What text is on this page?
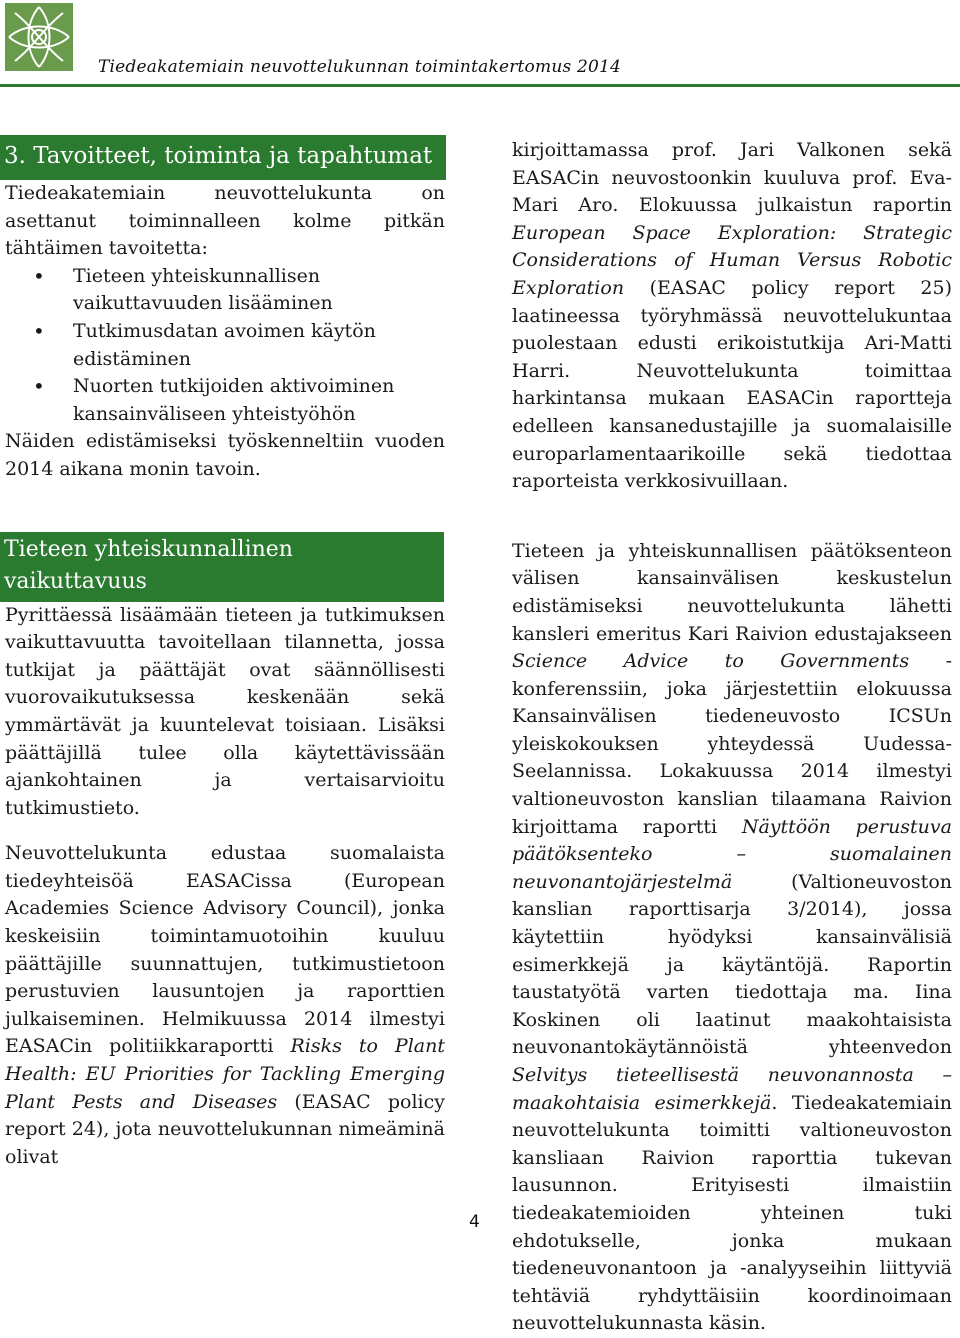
Tiedeakatemiain neuvottelukunnan toimintakertomus 2014
3. Tavoitteet, toiminta ja tapahtumat

Tiedeakatemiain neuvottelukunta on asettanut toiminnalleen kolme pitkän tähtäimen tavoitetta:

• Tieteen yhteiskunnallisen vaikuttavuuden lisääminen
• Tutkimusdatan avoimen käytön edistäminen
• Nuorten tutkijoiden aktivoiminen kansainväliseen yhteistyöhön

Näiden edistämiseksi työskenneltiin vuoden 2014 aikana monin tavoin.

Tieteen yhteiskunnallinen vaikuttavuus

Pyrittäessä lisäämään tieteen ja tutkimuksen vaikuttavuutta tavoitellaan tilannetta, jossa tutkijat ja päättäjät ovat säännöllisesti vuorovaikutuksessa keskenään sekä ymmärtävät ja kuuntelevat toisiaan. Lisäksi päättäjillä tulee olla käytettävissään ajankohtainen ja vertaisarvioitu tutkimustieto.

Neuvottelukunta edustaa suomalaista tiedeyhteisöä EASACissa (European Academies Science Advisory Council), jonka keskeisiin toimintamuotoihin kuuluu päättäjille suunnattujen, tutkimustietoon perustuvien lausuntojen ja raporttien julkaiseminen. Helmikuussa 2014 ilmestyi EASACin politiikkaraportti Risks to Plant Health: EU Priorities for Tackling Emerging Plant Pests and Diseases (EASAC policy report 24), jota neuvottelukunnan nimeäminä olivat

kirjoittamassa prof. Jari Valkonen sekä EASACin neuvostoonkin kuuluva prof. Eva-Mari Aro. Elokuussa julkaistun raportin European Space Exploration: Strategic Considerations of Human Versus Robotic Exploration (EASAC policy report 25) laatineessa työryhmässä neuvottelukuntaa puolestaan edusti erikoistutkija Ari-Matti Harri. Neuvottelukunta toimittaa harkintansa mukaan EASACin raportteja edelleen kansanedustajille ja suomalaisille europarlamentaarikoille sekä tiedottaa raporteista verkkosivuillaan.

Tieteen ja yhteiskunnallisen päätöksenteon välisen kansainvälisen keskustelun edistämiseksi neuvottelukunta lähetti kansleri emeritus Kari Raivion edustajakseen Science Advice to Governments -konferenssiin, joka järjestettiin elokuussa Kansainvälisen tiedeneuvosto ICSUn yleiskokouksen yhteydessä Uudessa-Seelannissa. Lokakuussa 2014 ilmestyi valtioneuvoston kanslian tilaamana Raivion kirjoittama raportti Näyttöön perustuva päätöksenteko – suomalainen neuvonantojärjestelmä	(Valtioneuvoston kanslian raporttisarja 3/2014), jossa käytettiin hyödyksi kansainvälisiä esimerkkejä ja käytäntöjä. Raportin taustatyötä varten tiedottaja ma. Iina Koskinen oli laatinut maakohtaisista neuvonantokäytännöistä yhteenvedon Selvitys tieteellisestä neuvonannosta – maakohtaisia esimerkkejä. Tiedeakatemiain neuvottelukunta toimitti valtioneuvoston kansliaan Raivion raporttia tukevan lausunnon. Erityisesti ilmaistiin tiedeakatemioiden yhteinen tuki ehdotukselle, jonka mukaan tiedeneuvonantoon ja -analyyseihin liittyviä tehtäviä ryhdyttäisiin koordinoimaan neuvottelukunnasta käsin.

4
